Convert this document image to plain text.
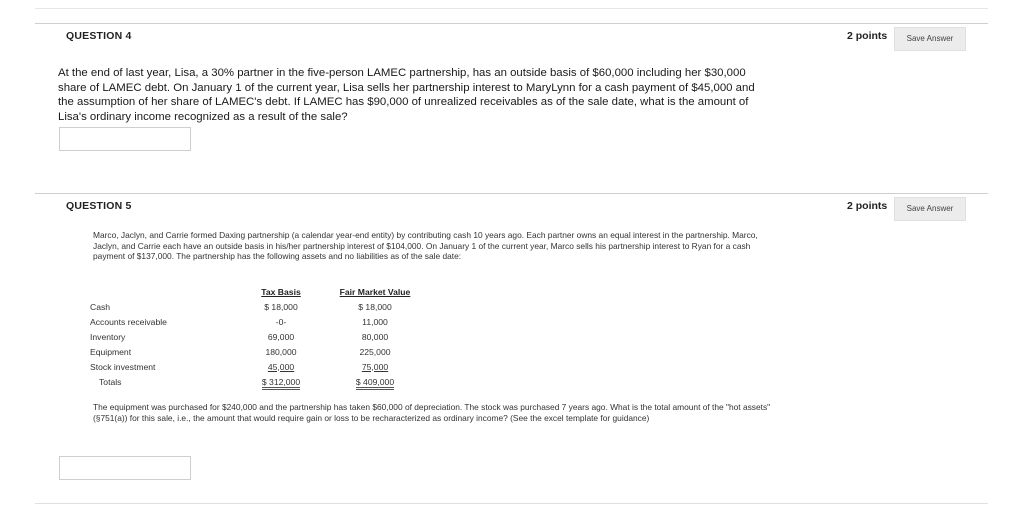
QUESTION 4	2 points	Save Answer
At the end of last year, Lisa, a 30% partner in the five-person LAMEC partnership, has an outside basis of $60,000 including her $30,000 share of LAMEC debt. On January 1 of the current year, Lisa sells her partnership interest to MaryLynn for a cash payment of $45,000 and the assumption of her share of LAMEC's debt. If LAMEC has $90,000 of unrealized receivables as of the sale date, what is the amount of Lisa's ordinary income recognized as a result of the sale?
QUESTION 5	2 points	Save Answer
Marco, Jaclyn, and Carrie formed Daxing partnership (a calendar year-end entity) by contributing cash 10 years ago. Each partner owns an equal interest in the partnership. Marco, Jaclyn, and Carrie each have an outside basis in his/her partnership interest of $104,000. On January 1 of the current year, Marco sells his partnership interest to Ryan for a cash payment of $137,000. The partnership has the following assets and no liabilities as of the sale date:
	Tax Basis	Fair Market Value
Cash	$ 18,000	$ 18,000
Accounts receivable	-0-	11,000
Inventory	69,000	80,000
Equipment	180,000	225,000
Stock investment	45,000	75,000
Totals	$ 312,000	$ 409,000
The equipment was purchased for $240,000 and the partnership has taken $60,000 of depreciation. The stock was purchased 7 years ago. What is the total amount of the "hot assets" (§751(a)) for this sale, i.e., the amount that would require gain or loss to be recharacterized as ordinary income? (See the excel template for guidance)
